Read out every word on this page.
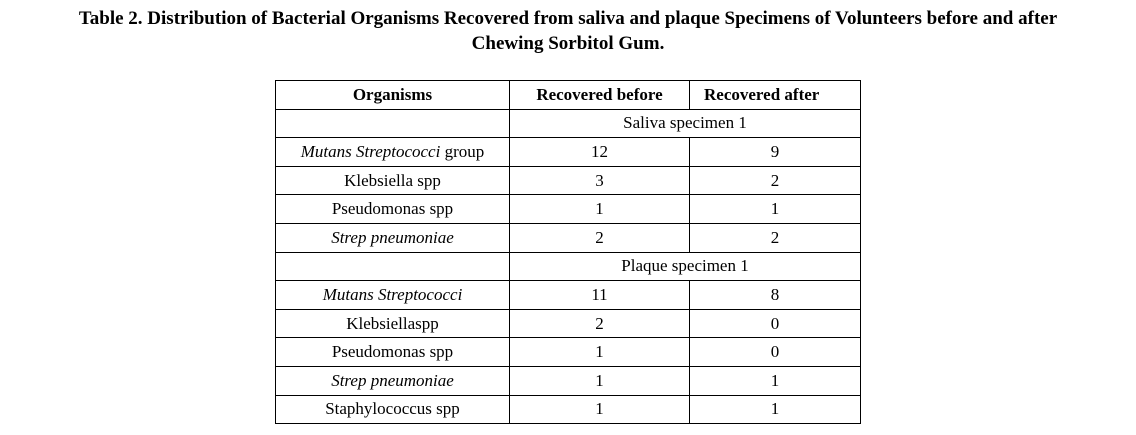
Table 2. Distribution of Bacterial Organisms Recovered from saliva and plaque Specimens of Volunteers before and after
Chewing Sorbitol Gum.
Organisms	Recovered before	Recovered after
	Saliva specimen 1	
Mutans Streptococci group	12	9
Klebsiella spp	3	2
Pseudomonas spp	1	1
Strep pneumoniae	2	2
	Plaque specimen 1	
Mutans Streptococci	11	8
Klebsiellaspp	2	0
Pseudomonas spp	1	0
Strep pneumoniae	1	1
Staphylococcus spp	1	1
